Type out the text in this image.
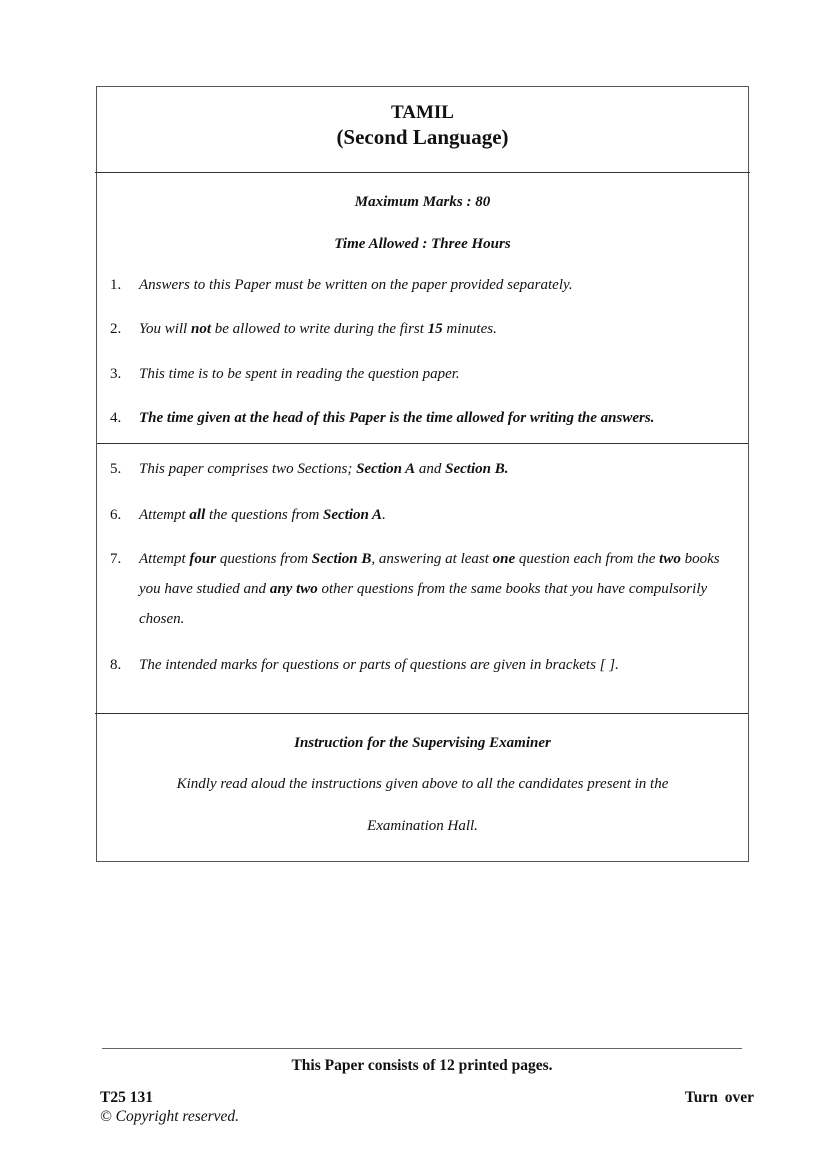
TAMIL
(Second Language)
Maximum Marks : 80
Time Allowed : Three Hours
1. Answers to this Paper must be written on the paper provided separately.
2. You will not be allowed to write during the first 15 minutes.
3. This time is to be spent in reading the question paper.
4. The time given at the head of this Paper is the time allowed for writing the answers.
5. This paper comprises two Sections; Section A and Section B.
6. Attempt all the questions from Section A.
7. Attempt four questions from Section B, answering at least one question each from the two books you have studied and any two other questions from the same books that you have compulsorily chosen.
8. The intended marks for questions or parts of questions are given in brackets [ ].
Instruction for the Supervising Examiner
Kindly read aloud the instructions given above to all the candidates present in the
Examination Hall.
This Paper consists of 12 printed pages.
T25 131	Turn over
© Copyright reserved.
